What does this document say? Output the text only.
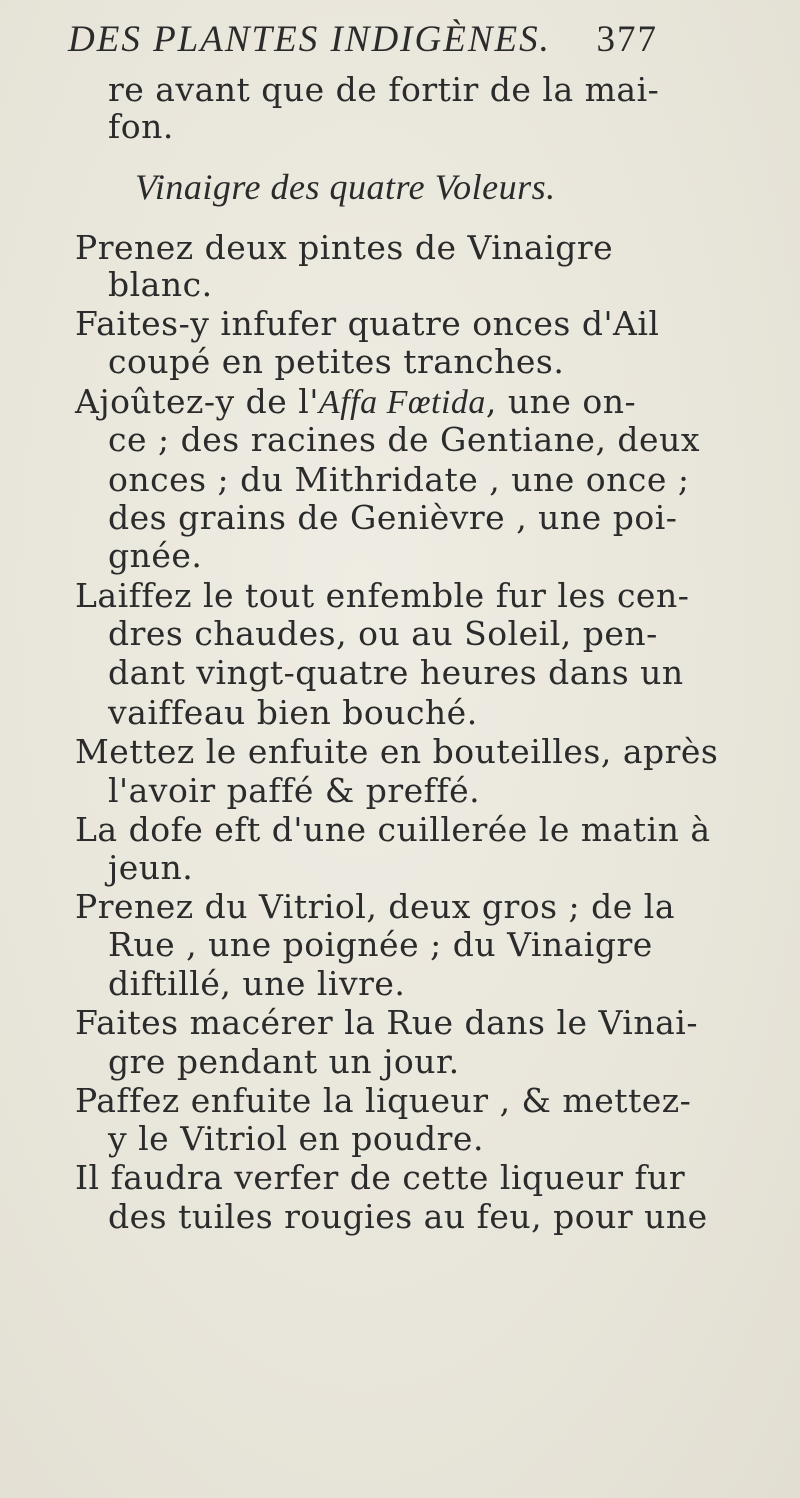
DES PLANTES INDIGÈNES. 377
re avant que de fortir de la mai-
fon.
Vinaigre des quatre Voleurs.
Prenez deux pintes de Vinaigre
blanc.
Faites-y infufer quatre onces d'Ail
coupé en petites tranches.
Ajoûtez-y de l'Affa Fœtida, une on-
ce ; des racines de Gentiane, deux
onces ; du Mithridate , une once ;
des grains de Genièvre , une poi-
gnée.
Laiffez le tout enfemble fur les cen-
dres chaudes, ou au Soleil, pen-
dant vingt-quatre heures dans un
vaiffeau bien bouché.
Mettez le enfuite en bouteilles, après
l'avoir paffé & preffé.
La dofe eft d'une cuillerée le matin à
jeun.
Prenez du Vitriol, deux gros ; de la
Rue , une poignée ; du Vinaigre
diftillé, une livre.
Faites macérer la Rue dans le Vinai-
gre pendant un jour.
Paffez enfuite la liqueur , & mettez-
y le Vitriol en poudre.
Il faudra verfer de cette liqueur fur
des tuiles rougies au feu, pour une
